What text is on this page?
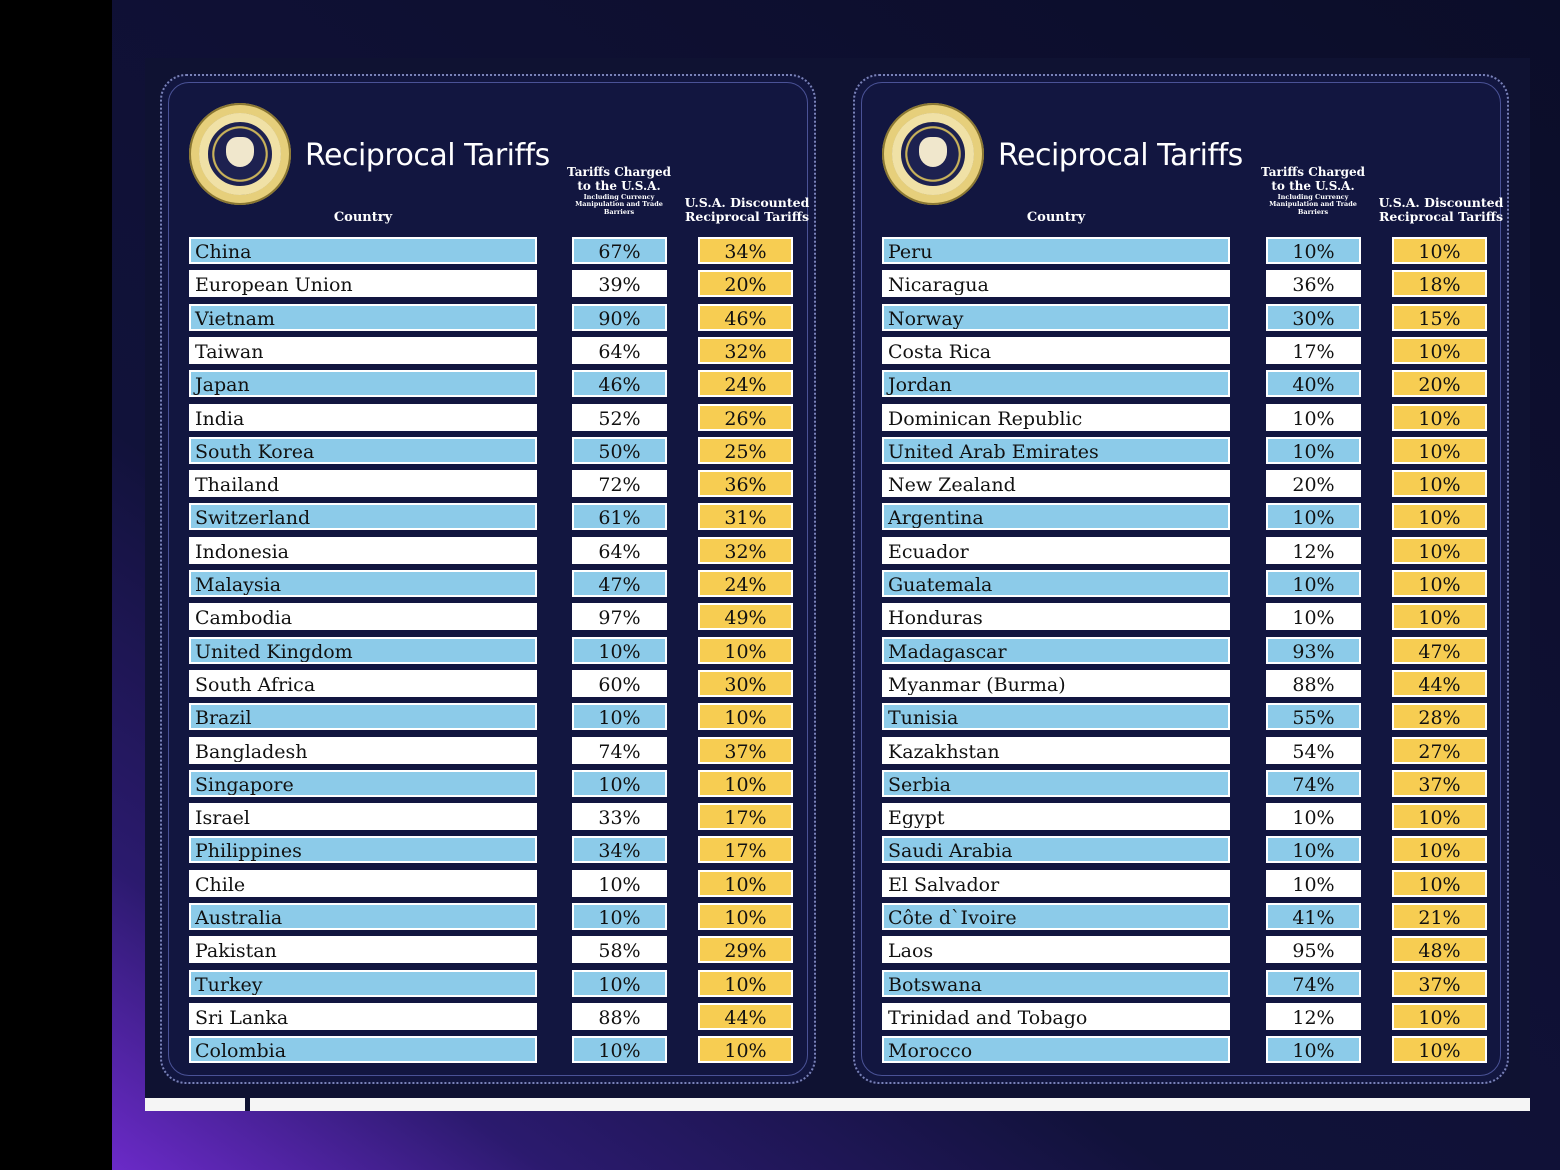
Reciprocal Tariffs
Country
Tariffs Charged to the U.S.A.
Including Currency Manipulation and Trade Barriers
U.S.A. Discounted Reciprocal Tariffs
China	67%	34%
European Union	39%	20%
Vietnam	90%	46%
Taiwan	64%	32%
Japan	46%	24%
India	52%	26%
South Korea	50%	25%
Thailand	72%	36%
Switzerland	61%	31%
Indonesia	64%	32%
Malaysia	47%	24%
Cambodia	97%	49%
United Kingdom	10%	10%
South Africa	60%	30%
Brazil	10%	10%
Bangladesh	74%	37%
Singapore	10%	10%
Israel	33%	17%
Philippines	34%	17%
Chile	10%	10%
Australia	10%	10%
Pakistan	58%	29%
Turkey	10%	10%
Sri Lanka	88%	44%
Colombia	10%	10%
Reciprocal Tariffs
Country
Tariffs Charged to the U.S.A.
Including Currency Manipulation and Trade Barriers
U.S.A. Discounted Reciprocal Tariffs
Peru	10%	10%
Nicaragua	36%	18%
Norway	30%	15%
Costa Rica	17%	10%
Jordan	40%	20%
Dominican Republic	10%	10%
United Arab Emirates	10%	10%
New Zealand	20%	10%
Argentina	10%	10%
Ecuador	12%	10%
Guatemala	10%	10%
Honduras	10%	10%
Madagascar	93%	47%
Myanmar (Burma)	88%	44%
Tunisia	55%	28%
Kazakhstan	54%	27%
Serbia	74%	37%
Egypt	10%	10%
Saudi Arabia	10%	10%
El Salvador	10%	10%
Côte d`Ivoire	41%	21%
Laos	95%	48%
Botswana	74%	37%
Trinidad and Tobago	12%	10%
Morocco	10%	10%
